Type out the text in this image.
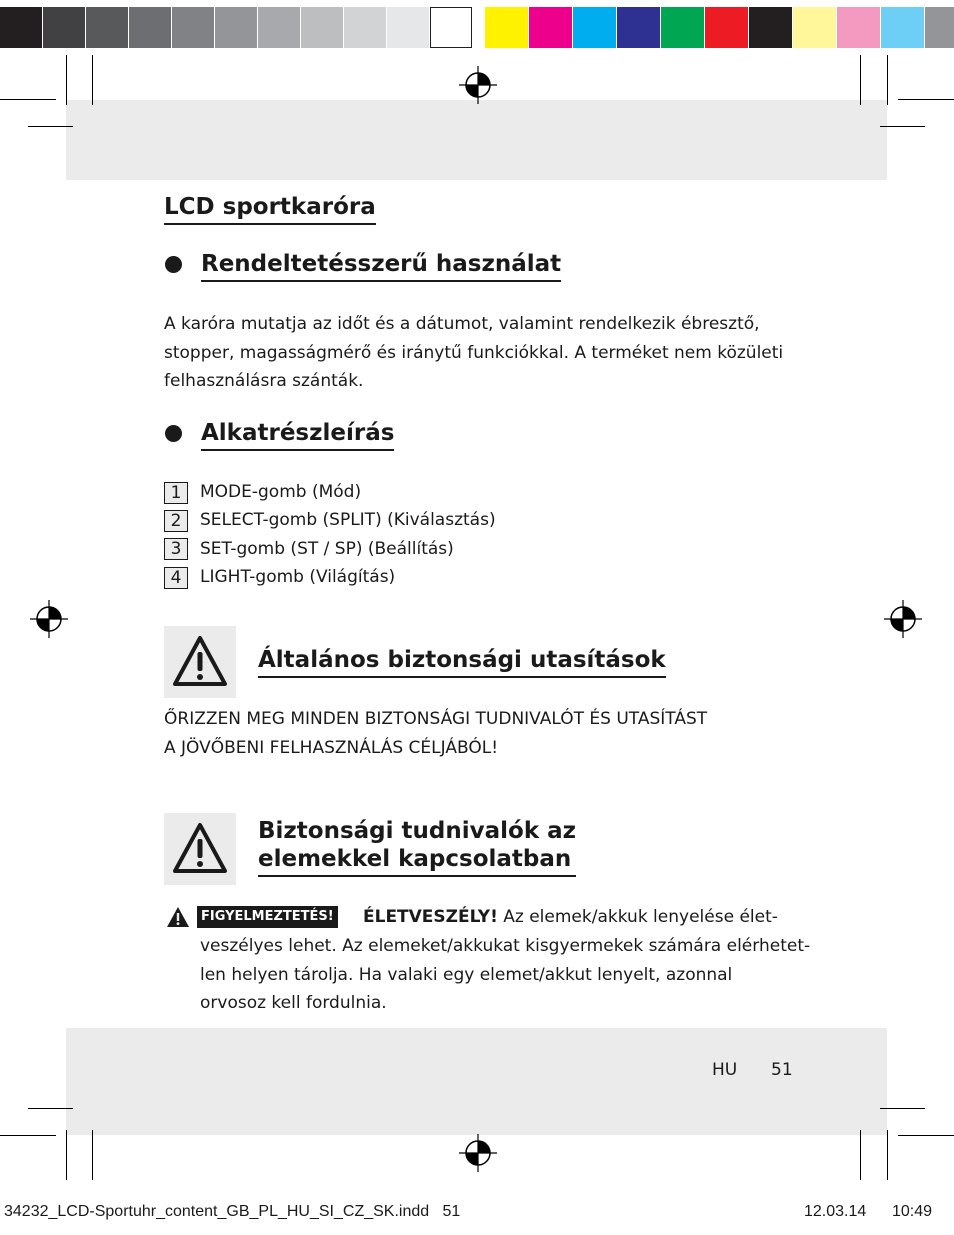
LCD sportkaróra
Rendeltetésszerű használat
A karóra mutatja az időt és a dátumot, valamint rendelkezik ébresztő,
stopper, magasságmérő és iránytű funkciókkal. A terméket nem közületi
felhasználásra szánták.
Alkatrészleírás
1	MODE-gomb (Mód)
2	SELECT-gomb (SPLIT) (Kiválasztás)
3	SET-gomb (ST / SP) (Beállítás)
4	LIGHT-gomb (Világítás)
Általános biztonsági utasítások
ŐRIZZEN MEG MINDEN BIZTONSÁGI TUDNIVALÓT ÉS UTASÍTÁST
A JÖVŐBENI FELHASZNÁLÁS CÉLJÁBÓL!
Biztonsági tudnivalók az
elemekkel kapcsolatban
FIGYELMEZTETÉS! ÉLETVESZÉLY! Az elemek/akkuk lenyelése élet-
veszélyes lehet. Az elemeket/akkukat kisgyermekek számára elérhetet-
len helyen tárolja. Ha valaki egy elemet/akkut lenyelt, azonnal
orvosoz kell fordulnia.
HU 51
34232_LCD-Sportuhr_content_GB_PL_HU_SI_CZ_SK.indd   51	12.03.14 10:49
